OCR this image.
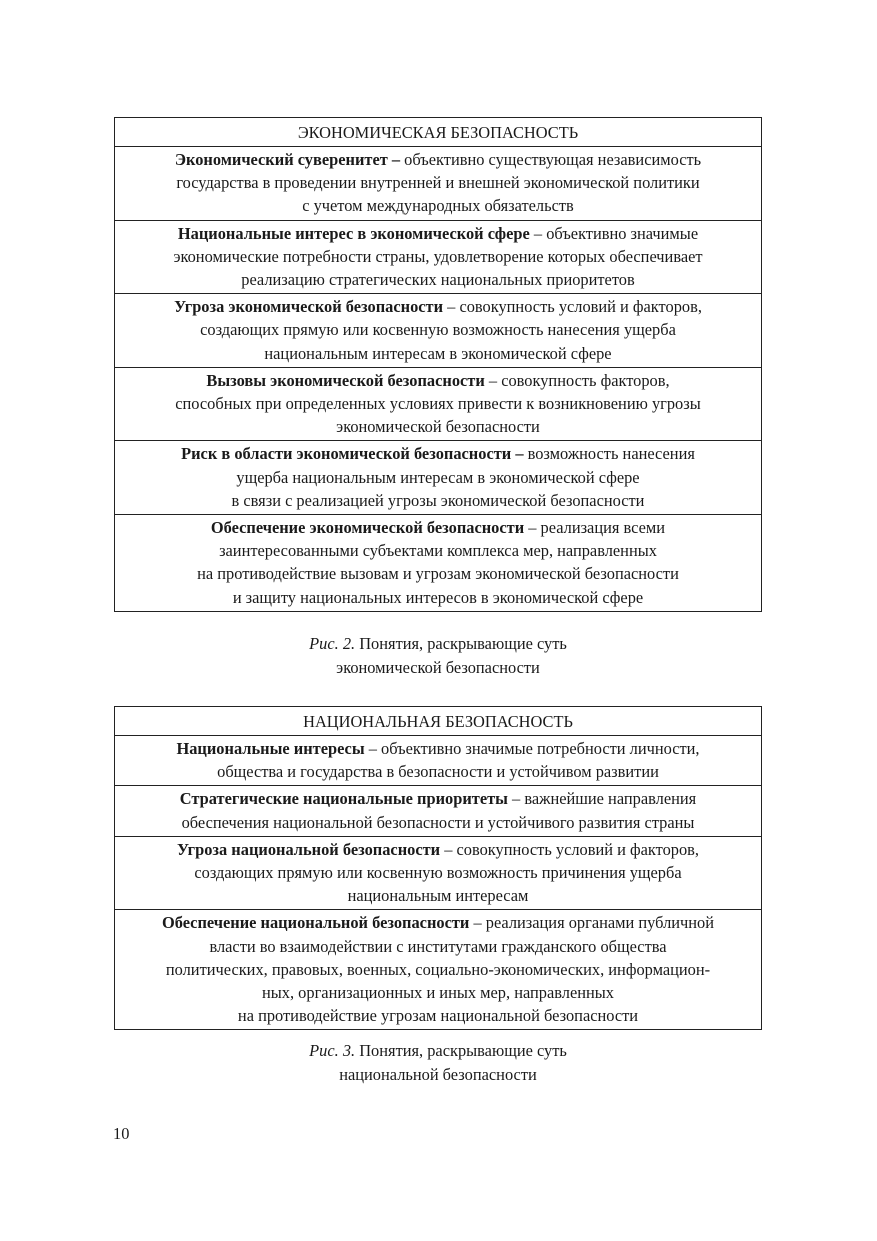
ЭКОНОМИЧЕСКАЯ БЕЗОПАСНОСТЬ
Экономический суверенитет – объективно существующая независимость
государства в проведении внутренней и внешней экономической политики
с учетом международных обязательств
Национальные интерес в экономической сфере – объективно значимые
экономические потребности страны, удовлетворение которых обеспечивает
реализацию стратегических национальных приоритетов
Угроза экономической безопасности – совокупность условий и факторов,
создающих прямую или косвенную возможность нанесения ущерба
национальным интересам в экономической сфере
Вызовы экономической безопасности – совокупность факторов,
способных при определенных условиях привести к возникновению угрозы
экономической безопасности
Риск в области экономической безопасности – возможность нанесения
ущерба национальным интересам в экономической сфере
в связи с реализацией угрозы экономической безопасности
Обеспечение экономической безопасности – реализация всеми
заинтересованными субъектами комплекса мер, направленных
на противодействие вызовам и угрозам экономической безопасности
и защиту национальных интересов в экономической сфере
Рис. 2. Понятия, раскрывающие суть
экономической безопасности
НАЦИОНАЛЬНАЯ БЕЗОПАСНОСТЬ
Национальные интересы – объективно значимые потребности личности,
общества и государства в безопасности и устойчивом развитии
Стратегические национальные приоритеты – важнейшие направления
обеспечения национальной безопасности и устойчивого развития страны
Угроза национальной безопасности – совокупность условий и факторов,
создающих прямую или косвенную возможность причинения ущерба
национальным интересам
Обеспечение национальной безопасности – реализация органами публичной
власти во взаимодействии с институтами гражданского общества
политических, правовых, военных, социально-экономических, информацион-
ных, организационных и иных мер, направленных
на противодействие угрозам национальной безопасности
Рис. 3. Понятия, раскрывающие суть
национальной безопасности
10
